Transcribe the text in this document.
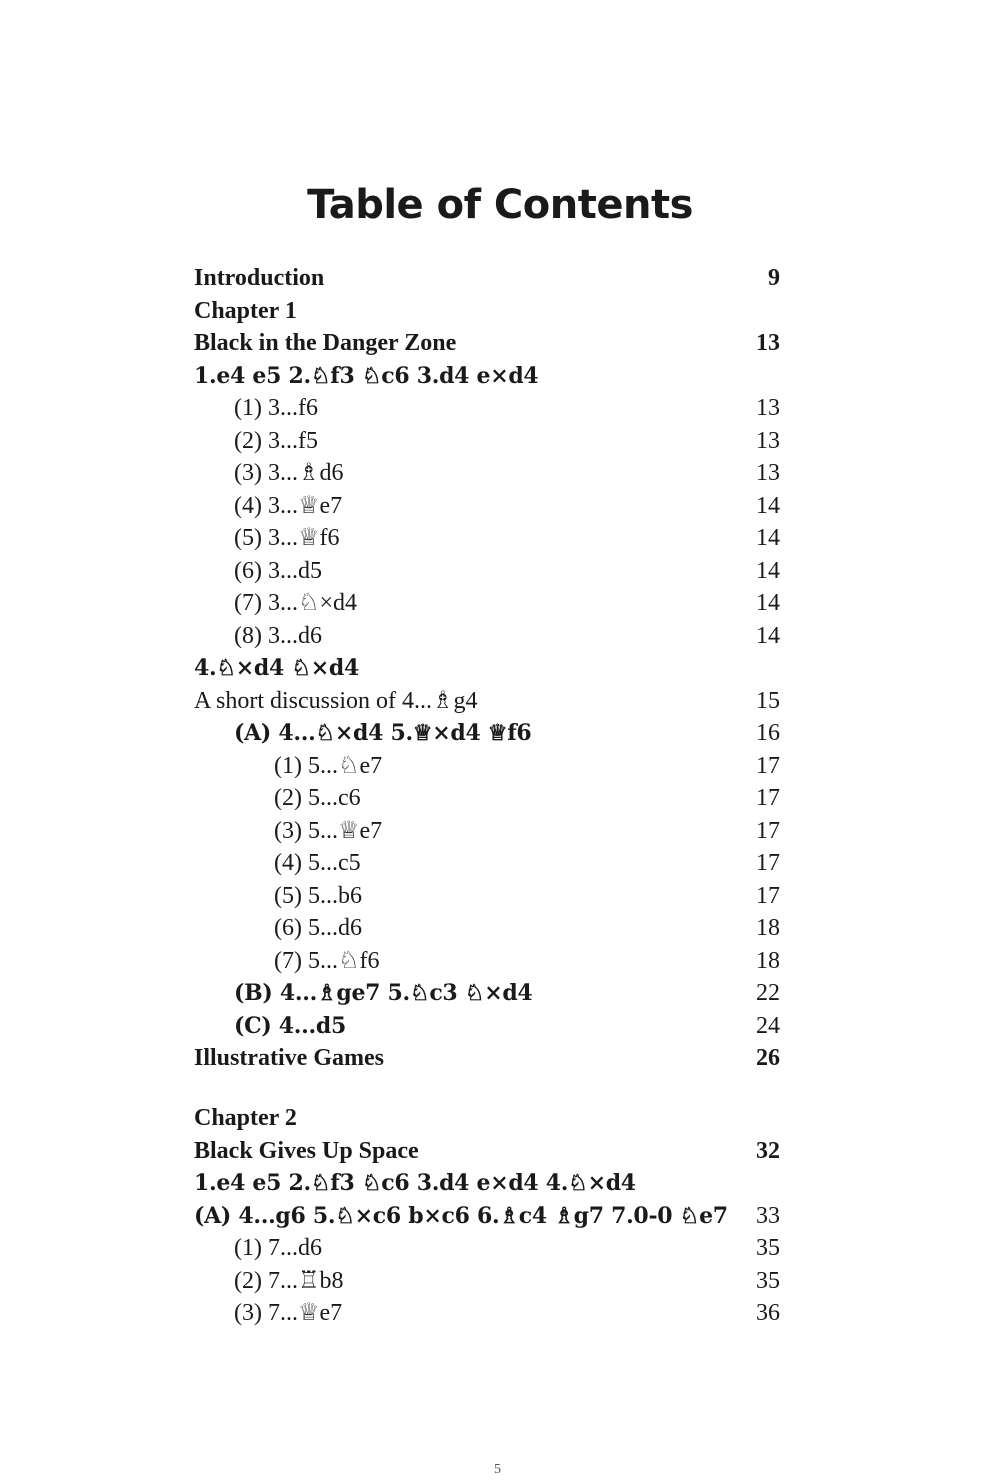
Table of Contents
Introduction	9
Chapter 1
Black in the Danger Zone	13
1.e4 e5 2.♘f3 ♘c6 3.d4 e×d4
(1) 3...f6	13
(2) 3...f5	13
(3) 3...♗d6	13
(4) 3...♕e7	14
(5) 3...♕f6	14
(6) 3...d5	14
(7) 3...♘×d4	14
(8) 3...d6	14
4.♘×d4 ♘×d4
A short discussion of 4...♗g4	15
(A) 4...♘×d4 5.♕×d4 ♕f6	16
(1) 5...♘e7	17
(2) 5...c6	17
(3) 5...♕e7	17
(4) 5...c5	17
(5) 5...b6	17
(6) 5...d6	18
(7) 5...♘f6	18
(B) 4...♗ge7 5.♘c3 ♘×d4	22
(C) 4...d5	24
Illustrative Games	26
Chapter 2
Black Gives Up Space	32
1.e4 e5 2.♘f3 ♘c6 3.d4 e×d4 4.♘×d4
(A) 4...g6 5.♘×c6 b×c6 6.♗c4 ♗g7 7.0-0 ♘e7 33
(1) 7...d6	35
(2) 7...♖b8	35
(3) 7...♕e7	36
5
